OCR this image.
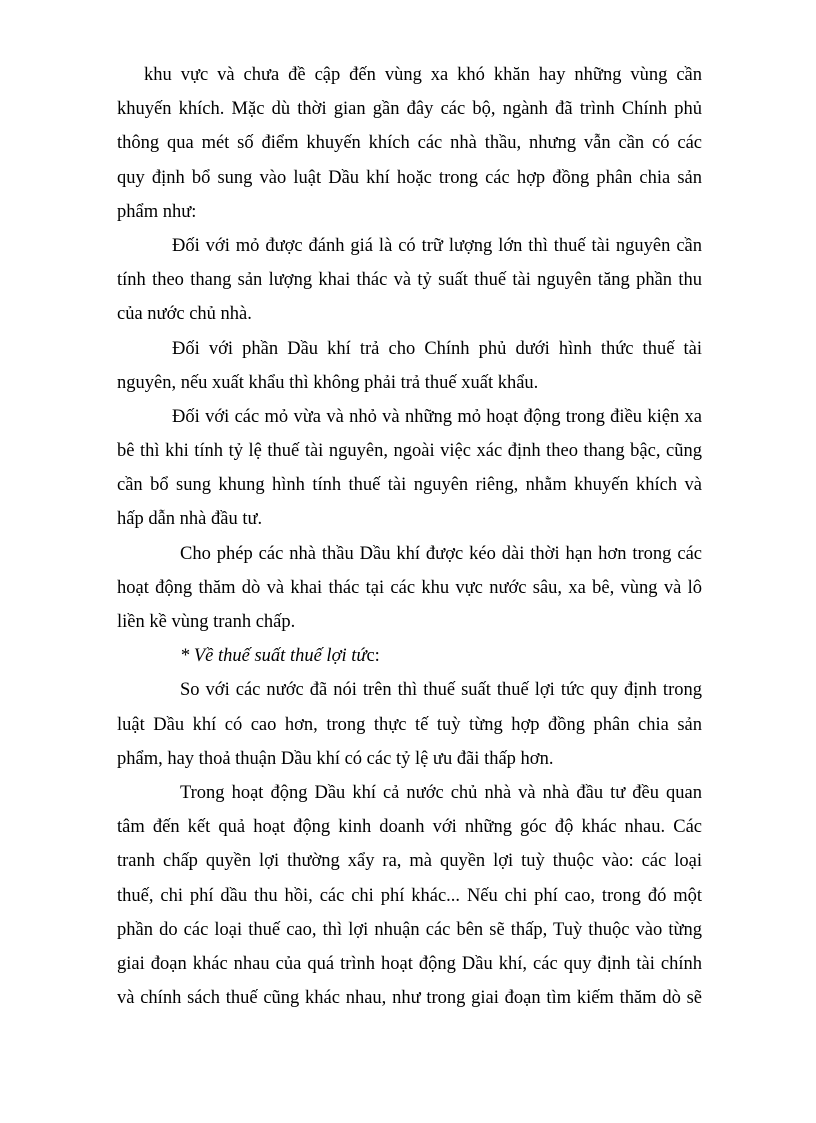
khu vực và chưa đề cập đến vùng xa khó khăn hay những vùng cần
khuyến khích. Mặc dù thời gian gần đây các bộ, ngành đã trình Chính phủ
thông qua mét số điểm khuyến khích các nhà thầu, nhưng vẫn cần có các
quy định bổ sung vào luật Dầu khí hoặc trong các hợp đồng phân chia sản
phẩm như:
Đối với mỏ được đánh giá là có trữ lượng lớn thì thuế tài nguyên cần
tính theo thang sản lượng khai thác và tỷ suất thuế tài nguyên tăng phần thu
của nước chủ nhà.
Đối với phần Dầu khí trả cho Chính phủ dưới hình thức thuế tài
nguyên, nếu xuất khẩu thì không phải trả thuế xuất khẩu.
Đối với các mỏ vừa và nhỏ và những mỏ hoạt động trong điều kiện xa
bê thì khi tính tỷ lệ thuế tài nguyên, ngoài việc xác định theo thang bậc, cũng
cần bổ sung khung hình tính thuế tài nguyên riêng, nhằm khuyến khích và
hấp dẫn nhà đầu tư.
Cho phép các nhà thầu Dầu khí được kéo dài thời hạn hơn trong các
hoạt động thăm dò và khai thác tại các khu vực nước sâu, xa bê, vùng và lô
liền kề vùng tranh chấp.
* Về thuế suất thuế lợi tức:
So với các nước đã nói trên thì thuế suất thuế lợi tức quy định trong
luật Dầu khí có cao hơn, trong thực tế tuỳ từng hợp đồng phân chia sản
phẩm, hay thoả thuận Dầu khí có các tỷ lệ ưu đãi thấp hơn.
Trong hoạt động Dầu khí cả nước chủ nhà và nhà đầu tư đều quan
tâm đến kết quả hoạt động kinh doanh với những góc độ khác nhau. Các
tranh chấp quyền lợi thường xẩy ra, mà quyền lợi tuỳ thuộc vào: các loại
thuế, chi phí dầu thu hồi, các chi phí khác... Nếu chi phí cao, trong đó một
phần do các loại thuế cao, thì lợi nhuận các bên sẽ thấp, Tuỳ thuộc vào từng
giai đoạn khác nhau của quá trình hoạt động Dầu khí, các quy định tài chính
và chính sách thuế cũng khác nhau, như trong giai đoạn tìm kiếm thăm dò sẽ
